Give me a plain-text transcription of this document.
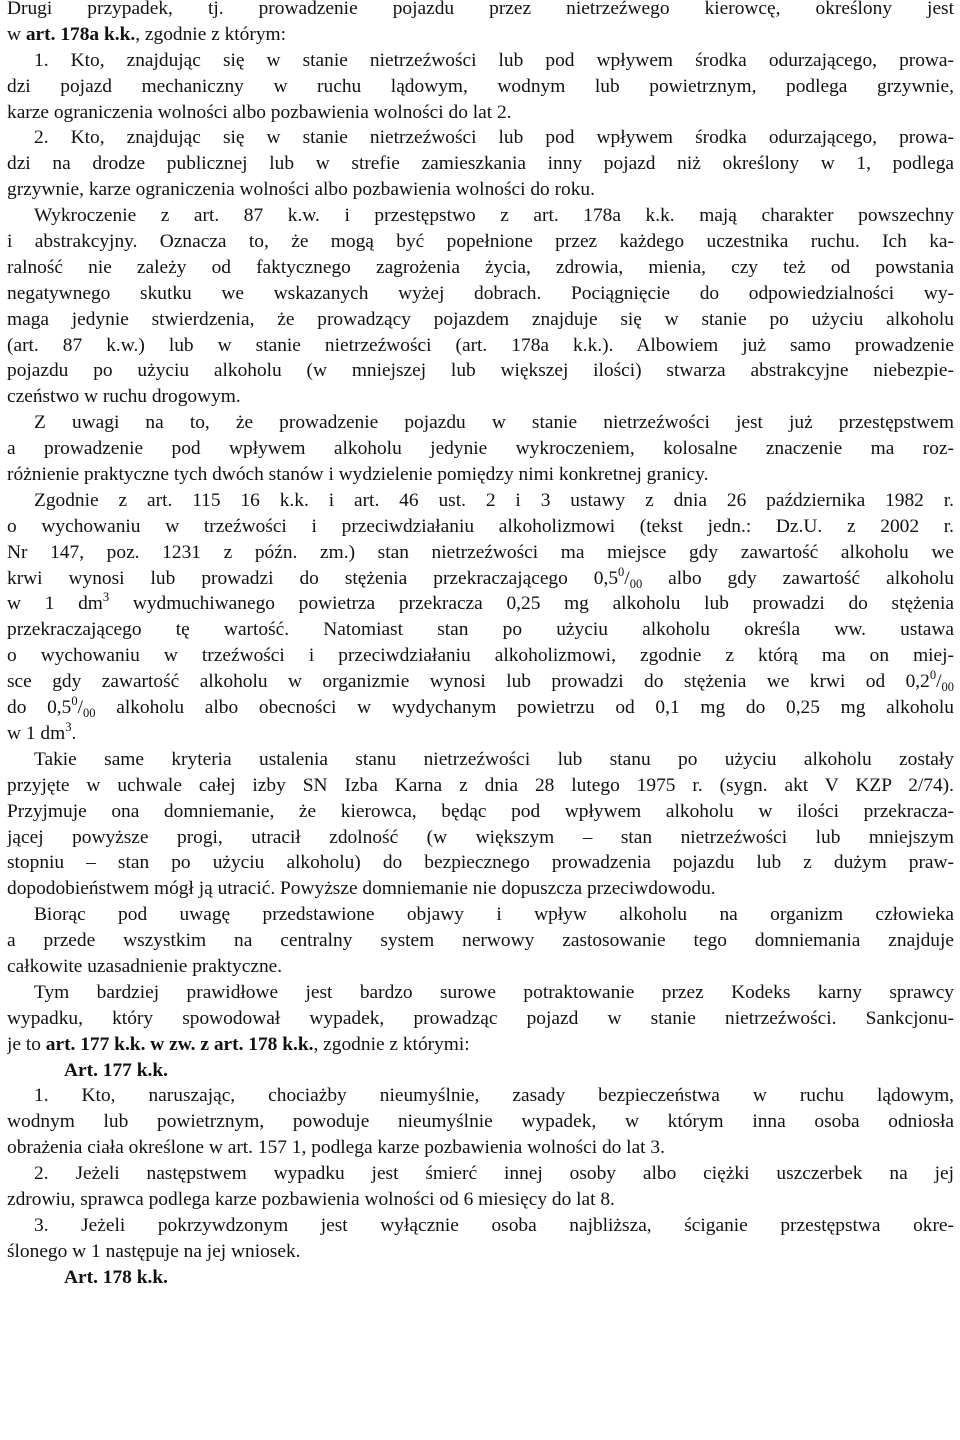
Drugi przypadek, tj. prowadzenie pojazdu przez nietrzeźwego kierowcę, określony jest
w art. 178a k.k., zgodnie z którym:
1. Kto, znajdując się w stanie nietrzeźwości lub pod wpływem środka odurzającego, prowa-
dzi pojazd mechaniczny w ruchu lądowym, wodnym lub powietrznym, podlega grzywnie,
karze ograniczenia wolności albo pozbawienia wolności do lat 2.
2. Kto, znajdując się w stanie nietrzeźwości lub pod wpływem środka odurzającego, prowa-
dzi na drodze publicznej lub w strefie zamieszkania inny pojazd niż określony w 1, podlega
grzywnie, karze ograniczenia wolności albo pozbawienia wolności do roku.
Wykroczenie z art. 87 k.w. i przestępstwo z art. 178a k.k. mają charakter powszechny
i abstrakcyjny. Oznacza to, że mogą być popełnione przez każdego uczestnika ruchu. Ich ka-
ralność nie zależy od faktycznego zagrożenia życia, zdrowia, mienia, czy też od powstania
negatywnego skutku we wskazanych wyżej dobrach. Pociągnięcie do odpowiedzialności wy-
maga jedynie stwierdzenia, że prowadzący pojazdem znajduje się w stanie po użyciu alkoholu
(art. 87 k.w.) lub w stanie nietrzeźwości (art. 178a k.k.). Albowiem już samo prowadzenie
pojazdu po użyciu alkoholu (w mniejszej lub większej ilości) stwarza abstrakcyjne niebezpie-
czeństwo w ruchu drogowym.
Z uwagi na to, że prowadzenie pojazdu w stanie nietrzeźwości jest już przestępstwem
a prowadzenie pod wpływem alkoholu jedynie wykroczeniem, kolosalne znaczenie ma roz-
różnienie praktyczne tych dwóch stanów i wydzielenie pomiędzy nimi konkretnej granicy.
Zgodnie z art. 115 16 k.k. i art. 46 ust. 2 i 3 ustawy z dnia 26 października 1982 r.
o wychowaniu w trzeźwości i przeciwdziałaniu alkoholizmowi (tekst jedn.: Dz.U. z 2002 r.
Nr 147, poz. 1231 z późn. zm.) stan nietrzeźwości ma miejsce gdy zawartość alkoholu we
krwi wynosi lub prowadzi do stężenia przekraczającego $0,5^0/_{00}$ albo gdy zawartość alkoholu
w 1 $dm^3$ wydmuchiwanego powietrza przekracza 0,25 mg alkoholu lub prowadzi do stężenia
przekraczającego tę wartość. Natomiast stan po użyciu alkoholu określa ww. ustawa
o wychowaniu w trzeźwości i przeciwdziałaniu alkoholizmowi, zgodnie z którą ma on miej-
sce gdy zawartość alkoholu w organizmie wynosi lub prowadzi do stężenia we krwi od $0,2^0/_{00}$
do $0,5^0/_{00}$ alkoholu albo obecności w wydychanym powietrzu od 0,1 mg do 0,25 mg alkoholu
w 1 $dm^3$.
Takie same kryteria ustalenia stanu nietrzeźwości lub stanu po użyciu alkoholu zostały
przyjęte w uchwale całej izby SN Izba Karna z dnia 28 lutego 1975 r. (sygn. akt V KZP 2/74).
Przyjmuje ona domniemanie, że kierowca, będąc pod wpływem alkoholu w ilości przekracza-
jącej powyższe progi, utracił zdolność (w większym – stan nietrzeźwości lub mniejszym
stopniu – stan po użyciu alkoholu) do bezpiecznego prowadzenia pojazdu lub z dużym praw-
dopodobieństwem mógł ją utracić. Powyższe domniemanie nie dopuszcza przeciwdowodu.
Biorąc pod uwagę przedstawione objawy i wpływ alkoholu na organizm człowieka
a przede wszystkim na centralny system nerwowy zastosowanie tego domniemania znajduje
całkowite uzasadnienie praktyczne.
Tym bardziej prawidłowe jest bardzo surowe potraktowanie przez Kodeks karny sprawcy
wypadku, który spowodował wypadek, prowadząc pojazd w stanie nietrzeźwości. Sankcjonu-
je to art. 177 k.k. w zw. z art. 178 k.k., zgodnie z którymi:
Art. 177 k.k.
1. Kto, naruszając, chociażby nieumyślnie, zasady bezpieczeństwa w ruchu lądowym,
wodnym lub powietrznym, powoduje nieumyślnie wypadek, w którym inna osoba odniosła
obrażenia ciała określone w art. 157 1, podlega karze pozbawienia wolności do lat 3.
2. Jeżeli następstwem wypadku jest śmierć innej osoby albo ciężki uszczerbek na jej
zdrowiu, sprawca podlega karze pozbawienia wolności od 6 miesięcy do lat 8.
3. Jeżeli pokrzywdzonym jest wyłącznie osoba najbliższa, ściganie przestępstwa okre-
ślonego w 1 następuje na jej wniosek.
Art. 178 k.k.
